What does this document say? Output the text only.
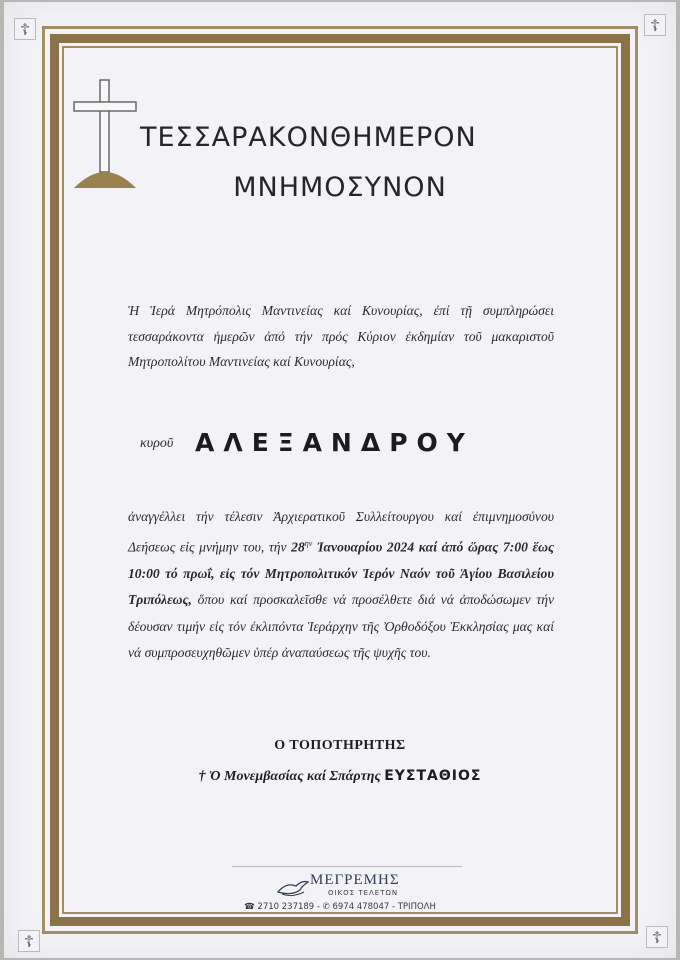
☦	☦
☦	☦
ΤΕΣΣΑΡΑΚΟΝΘΗΜΕΡΟΝ
ΜΝΗΜΟΣΥΝΟΝ
Ἡ Ἱερά Μητρόπολις Μαντινείας καί Κυνουρίας, ἐπί τῇ συμπληρώσει τεσσαράκοντα ἡμερῶν ἀπό τήν πρός Κύριον ἐκδημίαν τοῦ μακαριστοῦ Μητροπολίτου Μαντινείας καί Κυνουρίας,
κυροῦ ΑΛΕΞΑΝΔΡΟΥ
ἀναγγέλλει τήν τέλεσιν Ἀρχιερατικοῦ Συλλείτουργου καί ἐπιμνημοσύνου Δεήσεως εἰς μνήμην του, τήν $28^{\eta\nu}$ Ἰανουαρίου 2024 καί ἀπό ὥρας 7:00 ἕως 10:00 τό πρωΐ, εἰς τόν Μητροπολιτικόν Ἱερόν Ναόν τοῦ Ἁγίου Βασιλείου Τριπόλεως, ὅπου καί προσκαλεῖσθε νά προσέλθετε διά νά ἀποδώσωμεν τήν δέουσαν τιμήν εἰς τόν ἐκλιπόντα Ἱεράρχην τῆς Ὀρθοδόξου Ἐκκλησίας μας καί νά συμπροσευχηθῶμεν ὑπέρ ἀναπαύσεως τῆς ψυχῆς του.
Ο ΤΟΠΟΤΗΡΗΤΗΣ
† Ὁ Μονεμβασίας καί Σπάρτης ΕΥΣΤΑΘΙΟΣ
ΜΕΓΡΕΜΗΣ
ΟΙΚΟΣ ΤΕΛΕΤΩΝ
☎ 2710 237189 - ✆ 6974 478047 - ΤΡΙΠΟΛΗ
